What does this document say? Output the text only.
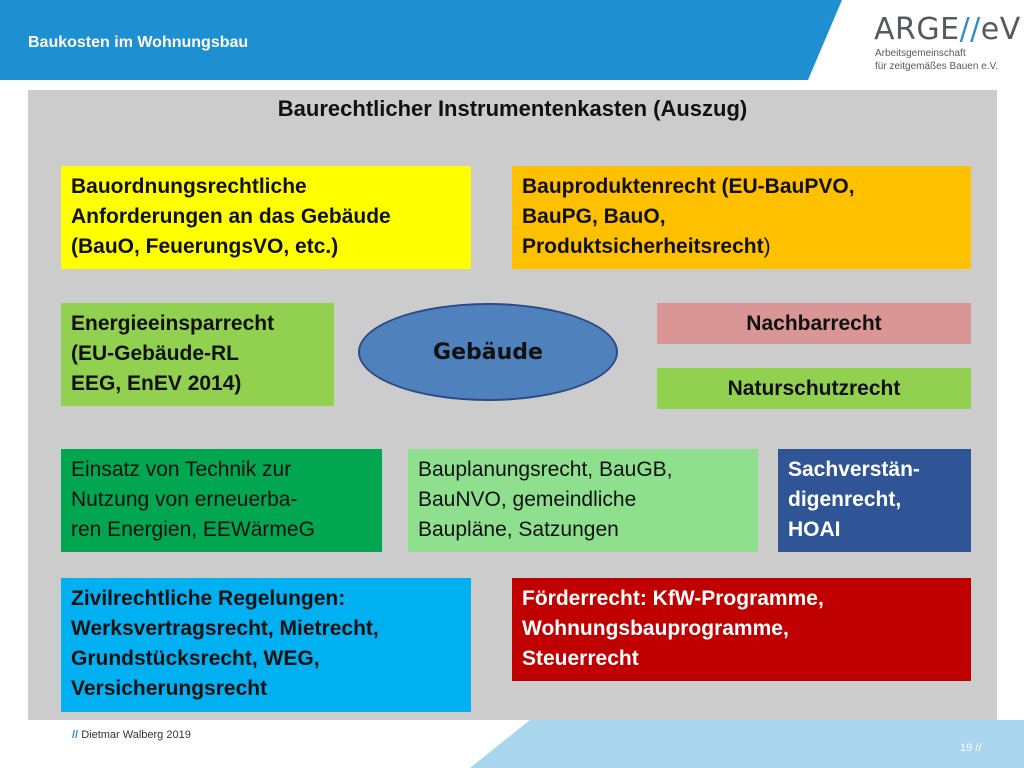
Baukosten im Wohnungsbau	ARGE//eV
Arbeitsgemeinschaft
für zeitgemäßes Bauen e.V.
Baurechtlicher Instrumentenkasten (Auszug)
Bauordnungsrechtliche
Anforderungen an das Gebäude
(BauO, FeuerungsVO, etc.)
Bauproduktenrecht (EU-BauPVO,
BauPG, BauO,
Produktsicherheitsrecht)
Energieeinsparrecht
(EU-Gebäude-RL
EEG, EnEV 2014)
Gebäude
Nachbarrecht
Naturschutzrecht
Einsatz von Technik zur
Nutzung von erneuerba-
ren Energien, EEWärmeG
Bauplanungsrecht, BauGB,
BauNVO, gemeindliche
Baupläne, Satzungen
Sachverstän-
digenrecht,
HOAI
Zivilrechtliche Regelungen:
Werksvertragsrecht, Mietrecht,
Grundstücksrecht, WEG,
Versicherungsrecht
Förderrecht: KfW-Programme,
Wohnungsbauprogramme,
Steuerrecht
// Dietmar Walberg 2019
19 //
